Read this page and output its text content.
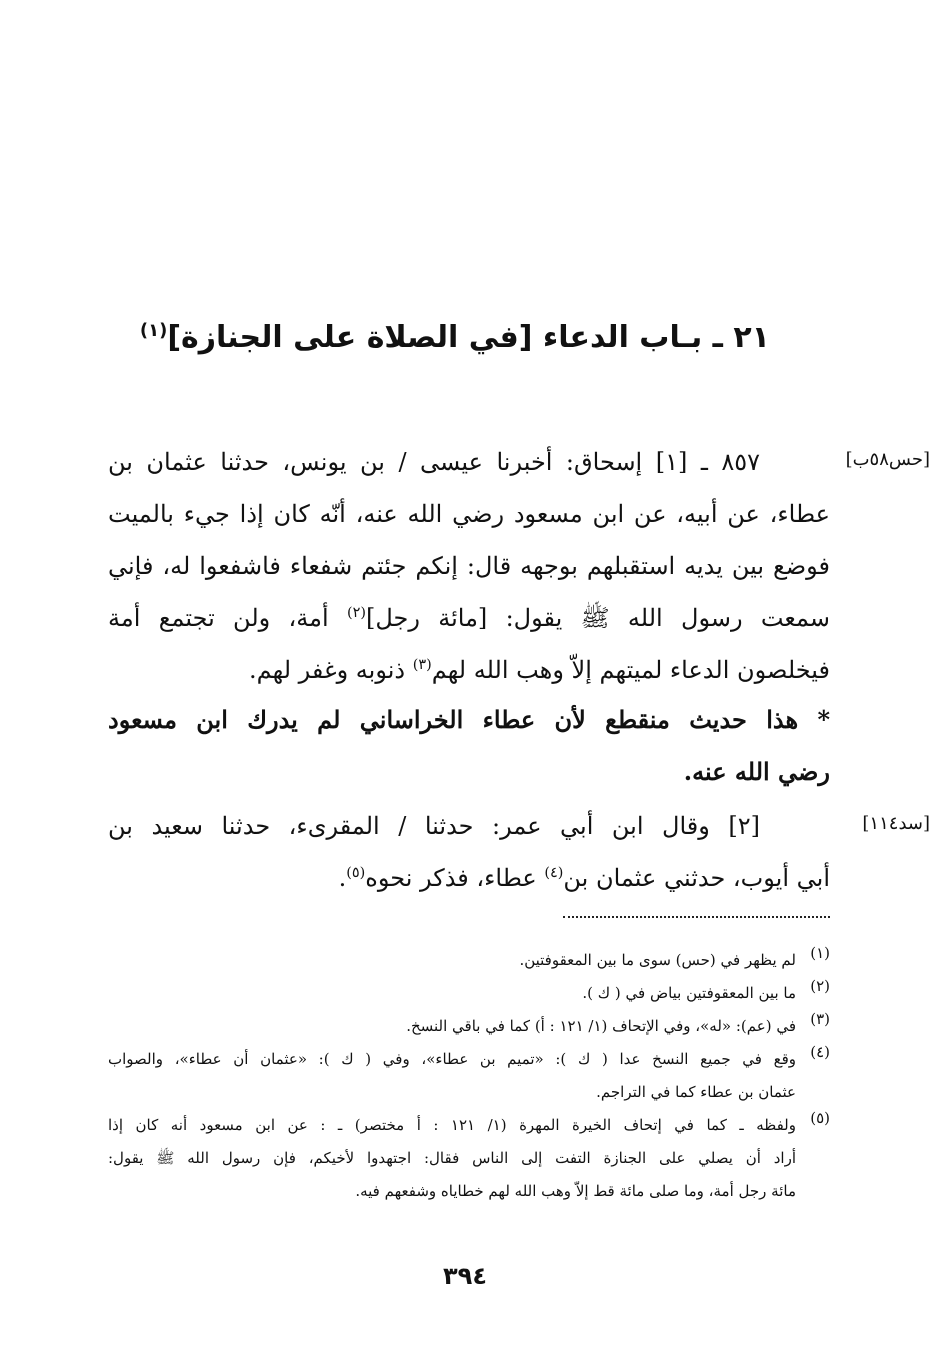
٢١ ـ بـاب الدعاء [في الصلاة على الجنازة]$^{(١)}$
[حس٥٨ب]
[سد١١٤]
٨٥٧ ـ [١] إسحاق: أخبرنا عيسى / بن يونس، حدثنا عثمان بن
عطاء، عن أبيه، عن ابن مسعود رضي الله عنه، أنّه كان إذا جيء بالميت
فوضع بين يديه استقبلهم بوجهه قال: إنكم جئتم شفعاء فاشفعوا له، فإني
سمعت رسول الله ﷺ يقول: [مائة رجل]$^{(٢)}$ أمة، ولن تجتمع أمة
فيخلصون الدعاء لميتهم إلاّ وهب الله لهم$^{(٣)}$ ذنوبه وغفر لهم.
* هذا حديث منقطع لأن عطاء الخراساني لم يدرك ابن مسعود
رضي الله عنه.
[٢] وقال ابن أبي عمر: حدثنا / المقرىء، حدثنا سعيد بن
أبي أيوب، حدثني عثمان بن$^{(٤)}$ عطاء، فذكر نحوه$^{(٥)}$.
(١)
لم يظهر في (حس) سوى ما بين المعقوفتين.
(٢)
ما بين المعقوفتين بياض في ( ك ).
(٣)
في (عم): «له»، وفي الإتحاف (١/ ١٢١ : أ) كما في باقي النسخ.
(٤)
وقع في جميع النسخ عدا ( ك ): «تميم بن عطاء»، وفي ( ك ): «عثمان أن عطاء»، والصواب
عثمان بن عطاء كما في التراجم.
(٥)
ولفظه ـ كما في إتحاف الخيرة المهرة (١/ ١٢١ : أ مختصر) ـ : عن ابن مسعود أنه كان إذا
أراد أن يصلي على الجنازة التفت إلى الناس فقال: اجتهدوا لأخيكم، فإن رسول الله ﷺ يقول:
مائة رجل أمة، وما صلى مائة قط إلاّ وهب الله لهم خطاياه وشفعهم فيه.
٣٩٤
